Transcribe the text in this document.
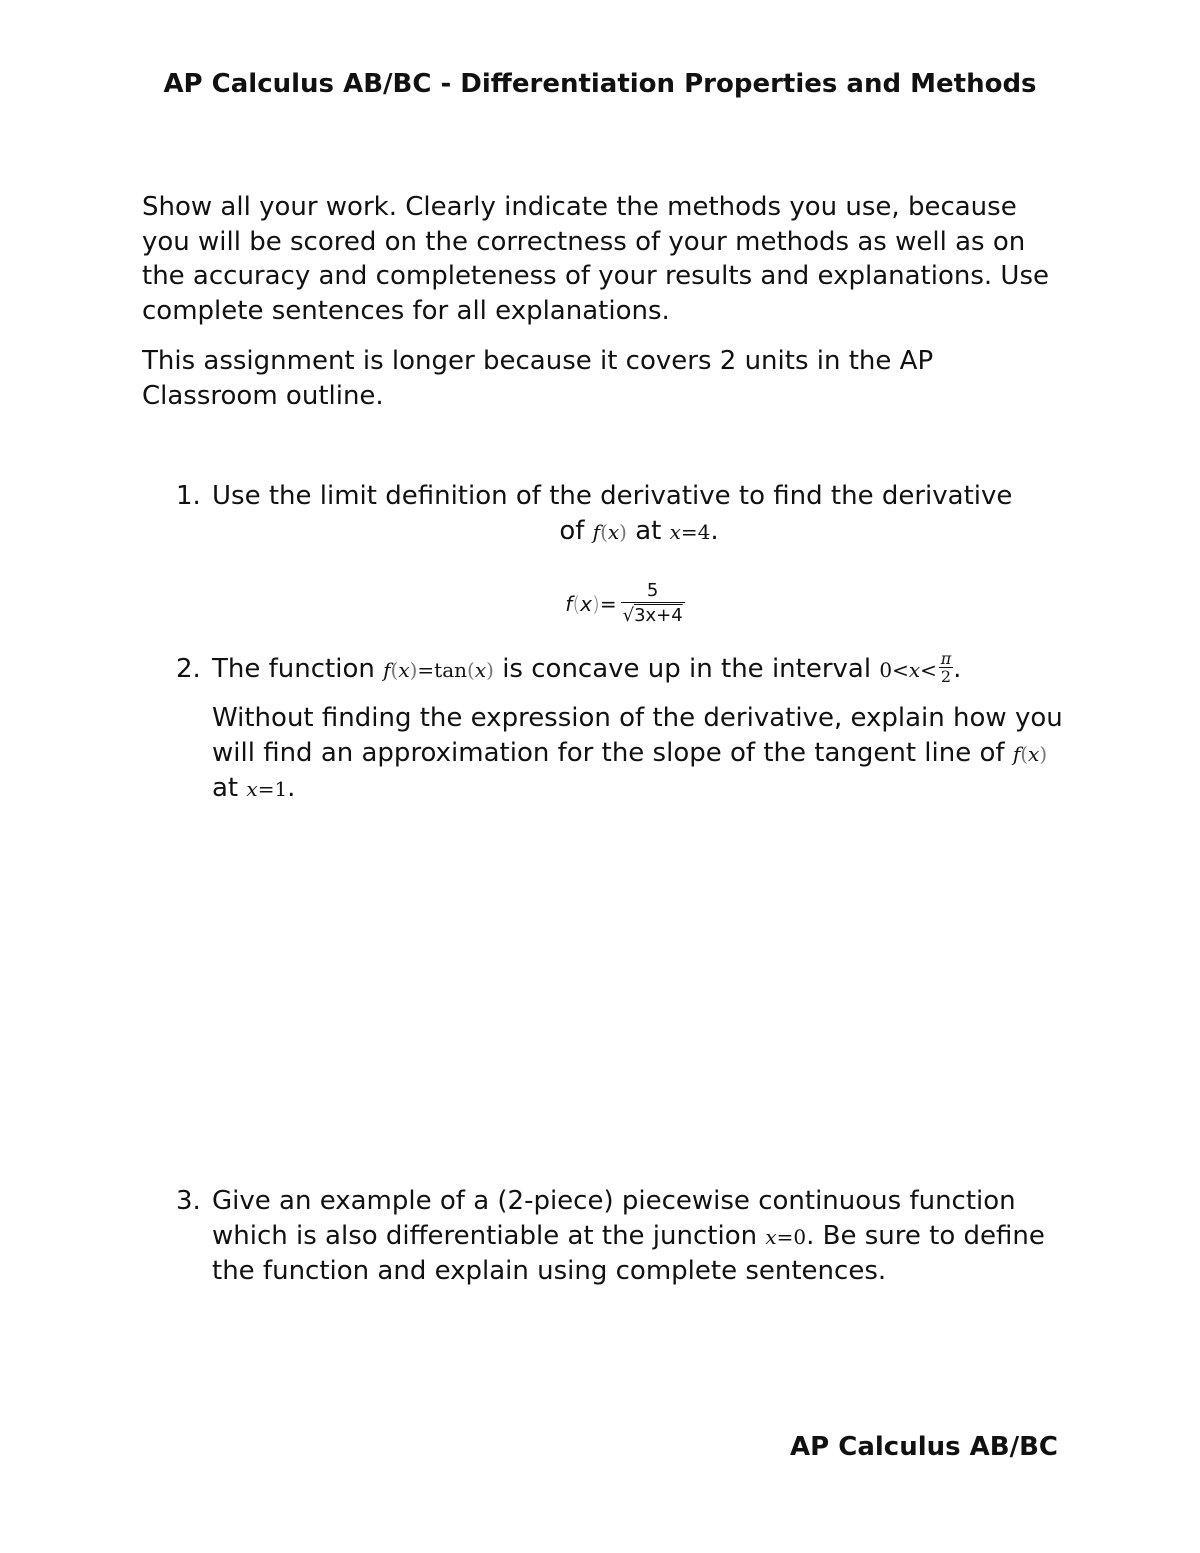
AP Calculus AB/BC - Differentiation Properties and Methods
Show all your work. Clearly indicate the methods you use, because you will be scored on the correctness of your methods as well as on the accuracy and completeness of your results and explanations. Use complete sentences for all explanations.
This assignment is longer because it covers 2 units in the AP Classroom outline.
1. Use the limit definition of the derivative to find the derivative
of f(x) at x=4.
$f(x)= \frac{5}{√3x+4}$
2. The function f(x)=tan(x) is concave up in the interval $0<x< \frac{\pi}{2}$ .
Without finding the expression of the derivative, explain how you will find an approximation for the slope of the tangent line of f(x) at x=1.
3. Give an example of a (2-piece) piecewise continuous function which is also differentiable at the junction x=0. Be sure to define the function and explain using complete sentences.
AP Calculus AB/BC
